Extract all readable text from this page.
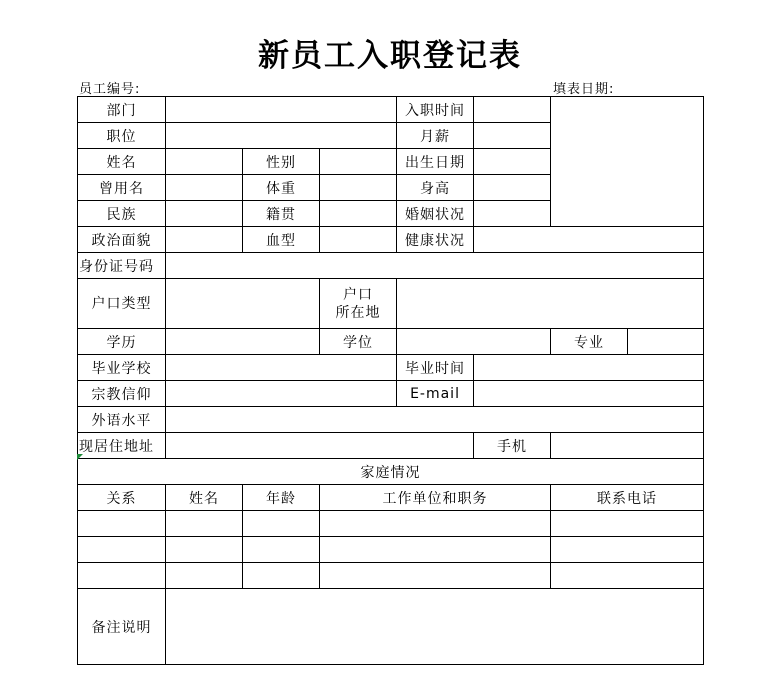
新员工入职登记表
员工编号:	填表日期:
部门				入职时间			
职位				月薪			
姓名		性别		出生日期			
曾用名		体重		身高			
民族		籍贯		婚姻状况			
政治面貌		血型		健康状况			
身份证号码							
户口类型			户口
所在地				
学历			学位			专业	
毕业学校				毕业时间			
宗教信仰				E-mail			
外语水平							
现居住地址					手机		
家庭情况							
关系	姓名	年龄	工作单位和职务			联系电话	

备注说明							
